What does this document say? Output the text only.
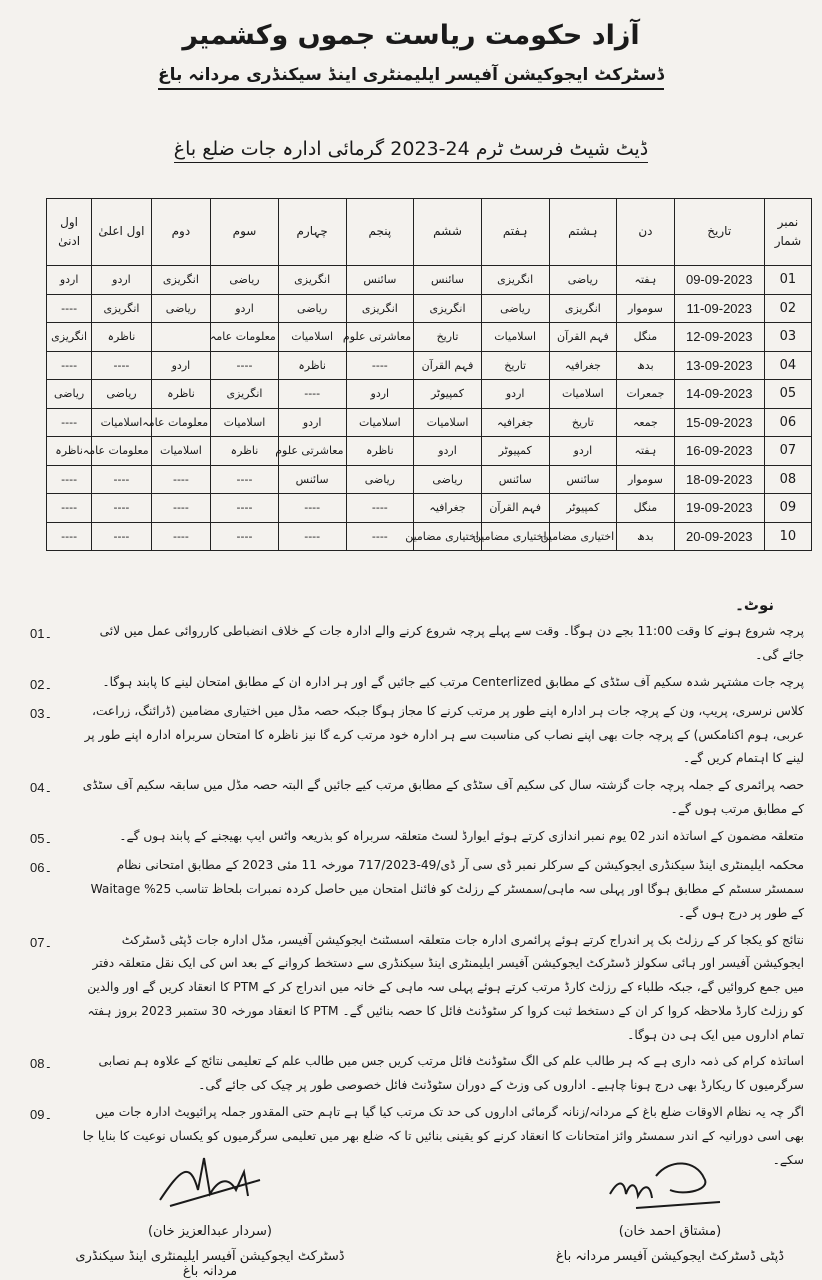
آزاد حکومت ریاست جموں وکشمیر
ڈسٹرکٹ ایجوکیشن آفیسر ایلیمنٹری اینڈ سیکنڈری مردانہ باغ
ڈیٹ شیٹ فرسٹ ٹرم 24-2023 گرمائی ادارہ جات ضلع باغ
نمبر شمار	تاریخ	دن	ہشتم	ہفتم	ششم	پنجم	چہارم	سوم	دوم	اول اعلیٰ	اول ادنیٰ
01	09-09-2023	ہفتہ	ریاضی	انگریزی	سائنس	سائنس	انگریزی	ریاضی	انگریزی	اردو	اردو
02	11-09-2023	سوموار	انگریزی	ریاضی	انگریزی	انگریزی	ریاضی	اردو	ریاضی	انگریزی	----
03	12-09-2023	منگل	فہم القرآن	اسلامیات	تاریخ	معاشرتی علوم	اسلامیات	معلومات عامہ		ناظرہ	انگریزی
04	13-09-2023	بدھ	جغرافیہ	تاریخ	فہم القرآن	----	ناظرہ	----	اردو	----	----
05	14-09-2023	جمعرات	اسلامیات	اردو	کمپیوٹر	اردو	----	انگریزی	ناظرہ	ریاضی	ریاضی
06	15-09-2023	جمعہ	تاریخ	جغرافیہ	اسلامیات	اسلامیات	اردو	اسلامیات	معلومات عامہ	اسلامیات	----
07	16-09-2023	ہفتہ	اردو	کمپیوٹر	اردو	ناظرہ	معاشرتی علوم	ناظرہ	اسلامیات	معلومات عامہ	ناظرہ
08	18-09-2023	سوموار	سائنس	سائنس	ریاضی	ریاضی	سائنس	----	----	----	----
09	19-09-2023	منگل	کمپیوٹر	فہم القرآن	جغرافیہ	----	----	----	----	----	----
10	20-09-2023	بدھ	اختیاری مضامین	اختیاری مضامین	اختیاری مضامین	----	----	----	----	----	----
نوٹ۔
پرچہ شروع ہونے کا وقت 11:00 بجے دن ہوگا۔ وقت سے پہلے پرچہ شروع کرنے والے ادارہ جات کے خلاف انضباطی کارروائی عمل میں لائی جائے گی۔
01۔
پرچہ جات مشتہر شدہ سکیم آف سٹڈی کے مطابق Centerlized مرتب کیے جائیں گے اور ہر ادارہ ان کے مطابق امتحان لینے کا پابند ہوگا۔
02۔
کلاس نرسری، پریپ، ون کے پرچہ جات ہر ادارہ اپنے طور پر مرتب کرنے کا مجاز ہوگا جبکہ حصہ مڈل میں اختیاری مضامین (ڈرائنگ، زراعت، عربی، ہوم اکنامکس) کے پرچہ جات بھی اپنے نصاب کی مناسبت سے ہر ادارہ خود مرتب کرے گا نیز ناظرہ کا امتحان سربراہ ادارہ اپنے طور پر لینے کا اہتمام کریں گے۔
03۔
حصہ پرائمری کے جملہ پرچہ جات گزشتہ سال کی سکیم آف سٹڈی کے مطابق مرتب کیے جائیں گے البتہ حصہ مڈل میں سابقہ سکیم آف سٹڈی کے مطابق مرتب ہوں گے۔
04۔
متعلقہ مضمون کے اساتذہ اندر 02 یوم نمبر اندازی کرتے ہوئے ایوارڈ لسٹ متعلقہ سربراہ کو بذریعہ واٹس ایپ بھیجنے کے پابند ہوں گے۔
05۔
محکمہ ایلیمنٹری اینڈ سیکنڈری ایجوکیشن کے سرکلر نمبر ڈی سی آر ڈی/49-717/2023 مورخہ 11 مئی 2023 کے مطابق امتحانی نظام سمسٹر سسٹم کے مطابق ہوگا اور پہلی سہ ماہی/سمسٹر کے رزلٹ کو فائنل امتحان میں حاصل کردہ نمبرات بلحاظ تناسب Waitage %25 کے طور پر درج ہوں گے۔
06۔
نتائج کو یکجا کر کے رزلٹ بک پر اندراج کرتے ہوئے پرائمری ادارہ جات متعلقہ اسسٹنٹ ایجوکیشن آفیسر، مڈل ادارہ جات ڈپٹی ڈسٹرکٹ ایجوکیشن آفیسر اور ہائی سکولز ڈسٹرکٹ ایجوکیشن آفیسر ایلیمنٹری اینڈ سیکنڈری سے دستخط کروانے کے بعد اس کی ایک نقل متعلقہ دفتر میں جمع کروائیں گے، جبکہ طلباء کے رزلٹ کارڈ مرتب کرتے ہوئے پہلی سہ ماہی کے خانہ میں اندراج کر کے PTM کا انعقاد کریں گے اور والدین کو رزلٹ کارڈ ملاحظہ کروا کر ان کے دستخط ثبت کروا کر سٹوڈنٹ فائل کا حصہ بنائیں گے۔ PTM کا انعقاد مورخہ 30 ستمبر 2023 بروز ہفتہ تمام اداروں میں ایک ہی دن ہوگا۔
07۔
اساتذہ کرام کی ذمہ داری ہے کہ ہر طالب علم کی الگ سٹوڈنٹ فائل مرتب کریں جس میں طالب علم کے تعلیمی نتائج کے علاوہ ہم نصابی سرگرمیوں کا ریکارڈ بھی درج ہونا چاہیے۔ اداروں کی وزٹ کے دوران سٹوڈنٹ فائل خصوصی طور پر چیک کی جائے گی۔
08۔
اگر چہ یہ نظام الاوقات ضلع باغ کے مردانہ/زنانہ گرمائی اداروں کی حد تک مرتب کیا گیا ہے تاہم حتی المقدور جملہ پرائیویٹ ادارہ جات میں بھی اسی دورانیہ کے اندر سمسٹر وائز امتحانات کا انعقاد کرنے کو یقینی بنائیں تا کہ ضلع بھر میں تعلیمی سرگرمیوں کو یکساں نوعیت کا بنایا جا سکے۔
09۔
(سردار عبدالعزیز خان)
ڈسٹرکٹ ایجوکیشن آفیسر ایلیمنٹری اینڈ سیکنڈری مردانہ باغ
(مشتاق احمد خان)
ڈپٹی ڈسٹرکٹ ایجوکیشن آفیسر مردانہ باغ
